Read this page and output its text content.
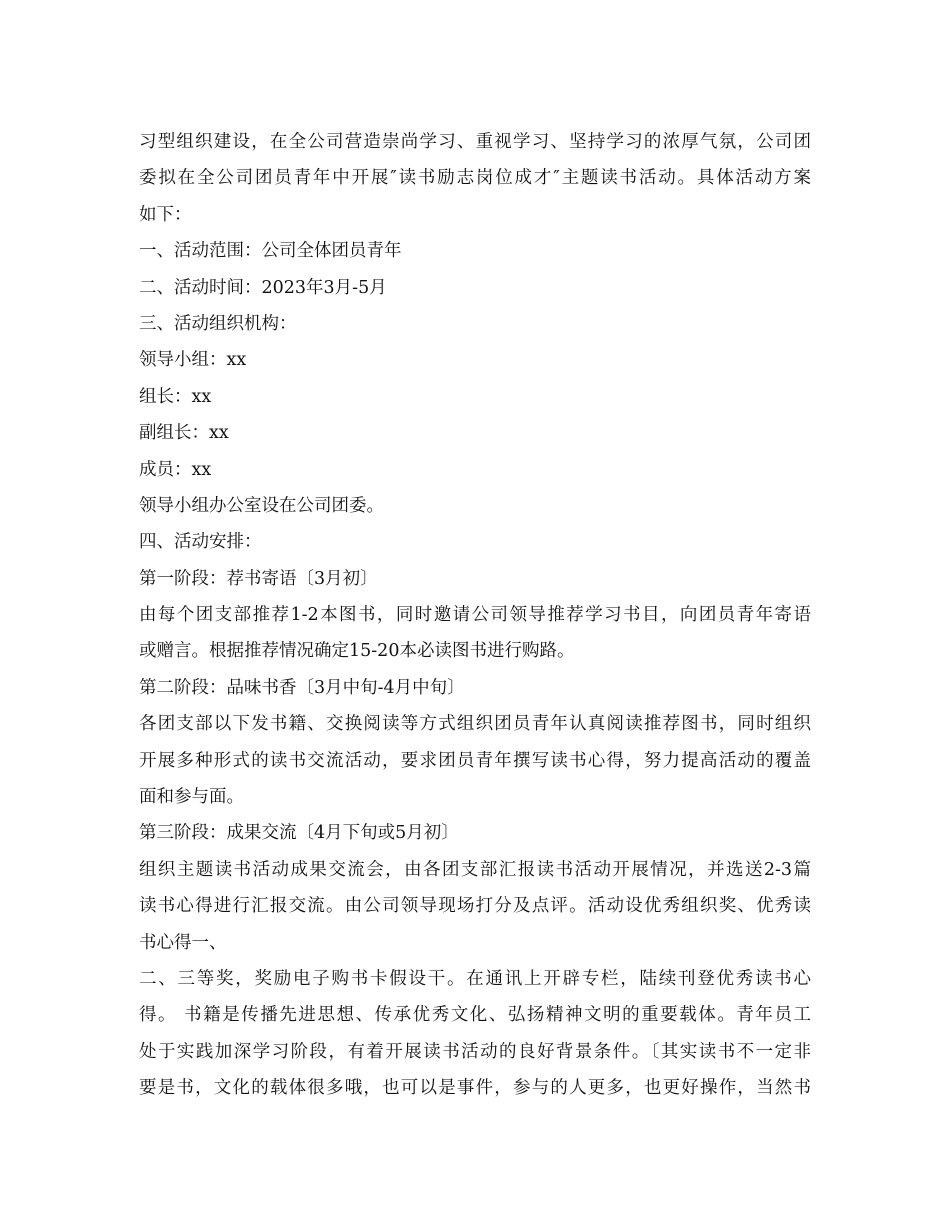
习型组织建设，在全公司营造崇尚学习、重视学习、坚持学习的浓厚气氛，公司团
委拟在全公司团员青年中开展″读书励志岗位成才″主题读书活动。具体活动方案
如下：
一、活动范围：公司全体团员青年
二、活动时间：2023年3月-5月
三、活动组织机构：
领导小组：xx
组长：xx
副组长：xx
成员：xx
领导小组办公室设在公司团委。
四、活动安排：
第一阶段：荐书寄语〔3月初〕
由每个团支部推荐1-2本图书，同时邀请公司领导推荐学习书目，向团员青年寄语
或赠言。根据推荐情况确定15-20本必读图书进行购路。
第二阶段：品味书香〔3月中旬-4月中旬〕
各团支部以下发书籍、交换阅读等方式组织团员青年认真阅读推荐图书，同时组织
开展多种形式的读书交流活动，要求团员青年撰写读书心得，努力提高活动的覆盖
面和参与面。
第三阶段：成果交流〔4月下旬或5月初〕
组织主题读书活动成果交流会，由各团支部汇报读书活动开展情况，并选送2-3篇
读书心得进行汇报交流。由公司领导现场打分及点评。活动设优秀组织奖、优秀读
书心得一、
二、三等奖，奖励电子购书卡假设干。在通讯上开辟专栏，陆续刊登优秀读书心
得。 书籍是传播先进思想、传承优秀文化、弘扬精神文明的重要载体。青年员工
处于实践加深学习阶段，有着开展读书活动的良好背景条件。〔其实读书不一定非
要是书，文化的载体很多哦，也可以是事件，参与的人更多，也更好操作，当然书
